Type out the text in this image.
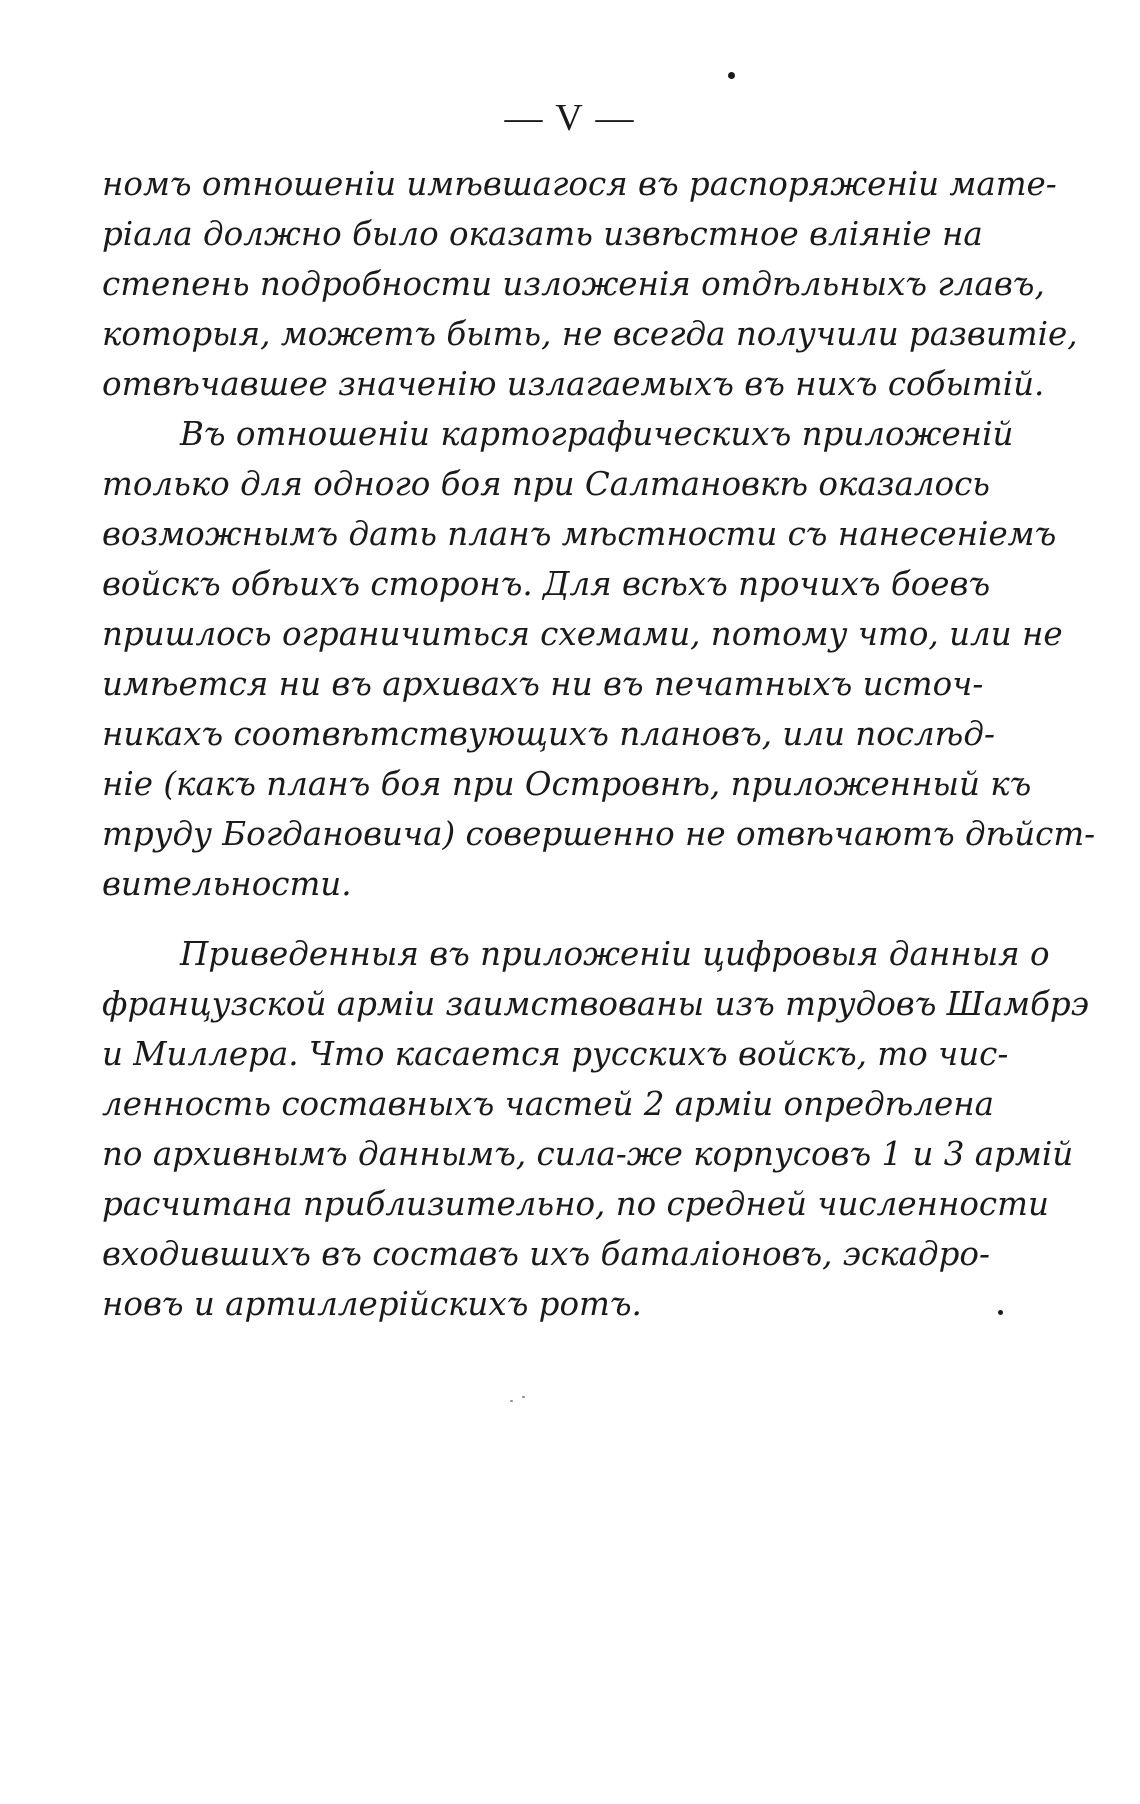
— V —
номъ отношеніи имѣвшагося въ распоряженіи мате-
ріала должно было оказать извѣстное вліяніе на
степень подробности изложенія отдѣльныхъ главъ,
которыя, можетъ быть, не всегда получили развитіе,
отвѣчавшее значенію излагаемыхъ въ нихъ событій.
Въ отношеніи картографическихъ приложеній
только для одного боя при Салтановкѣ оказалось
возможнымъ дать планъ мѣстности съ нанесеніемъ
войскъ обѣихъ сторонъ. Для всѣхъ прочихъ боевъ
пришлось ограничиться схемами, потому что, или не
имѣется ни въ архивахъ ни въ печатныхъ источ-
никахъ соотвѣтствующихъ плановъ, или послѣд-
ніе (какъ планъ боя при Островнѣ, приложенный къ
труду Богдановича) совершенно не отвѣчаютъ дѣйст-
вительности.
Приведенныя въ приложеніи цифровыя данныя о
французской арміи заимствованы изъ трудовъ Шамбрэ
и Миллера. Что касается русскихъ войскъ, то чис-
ленность составныхъ частей 2 арміи опредѣлена
по архивнымъ даннымъ, сила-же корпусовъ 1 и 3 армій
расчитана приблизительно, по средней численности
входившихъ въ составъ ихъ баталіоновъ, эскадро-
новъ и артиллерійскихъ ротъ.
